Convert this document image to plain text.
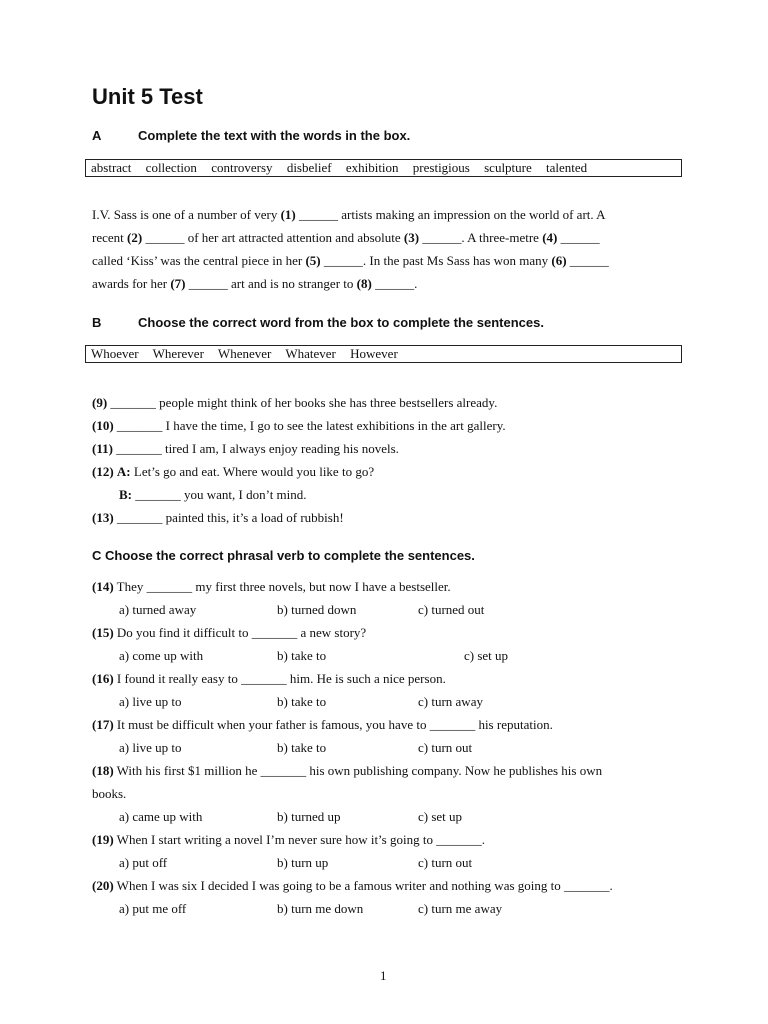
Unit 5 Test
A	Complete the text with the words in the box.
abstract collection controversy disbelief exhibition prestigious sculpture talented
I.V. Sass is one of a number of very (1) ______ artists making an impression on the world of art. A
recent (2) ______ of her art attracted attention and absolute (3) ______. A three-metre (4) ______
called ‘Kiss’ was the central piece in her (5) ______. In the past Ms Sass has won many (6) ______
awards for her (7) ______ art and is no stranger to (8) ______.
B	Choose the correct word from the box to complete the sentences.
Whoever Wherever Whenever Whatever However
(9) _______ people might think of her books she has three bestsellers already.
(10) _______ I have the time, I go to see the latest exhibitions in the art gallery.
(11) _______ tired I am, I always enjoy reading his novels.
(12) A: Let’s go and eat. Where would you like to go?
B: _______ you want, I don’t mind.
(13) _______ painted this, it’s a load of rubbish!
C Choose the correct phrasal verb to complete the sentences.
(14) They _______ my first three novels, but now I have a bestseller.
a) turned away	b) turned down	c) turned out
(15) Do you find it difficult to _______ a new story?
a) come up with	b) take to	c) set up
(16) I found it really easy to _______ him. He is such a nice person.
a) live up to	b) take to	c) turn away
(17) It must be difficult when your father is famous, you have to _______ his reputation.
a) live up to	b) take to	c) turn out
(18) With his first $1 million he _______ his own publishing company. Now he publishes his own
books.
a) came up with	b) turned up	c) set up
(19) When I start writing a novel I’m never sure how it’s going to _______.
a) put off	b) turn up	c) turn out
(20) When I was six I decided I was going to be a famous writer and nothing was going to _______.
a) put me off	b) turn me down	c) turn me away
1
